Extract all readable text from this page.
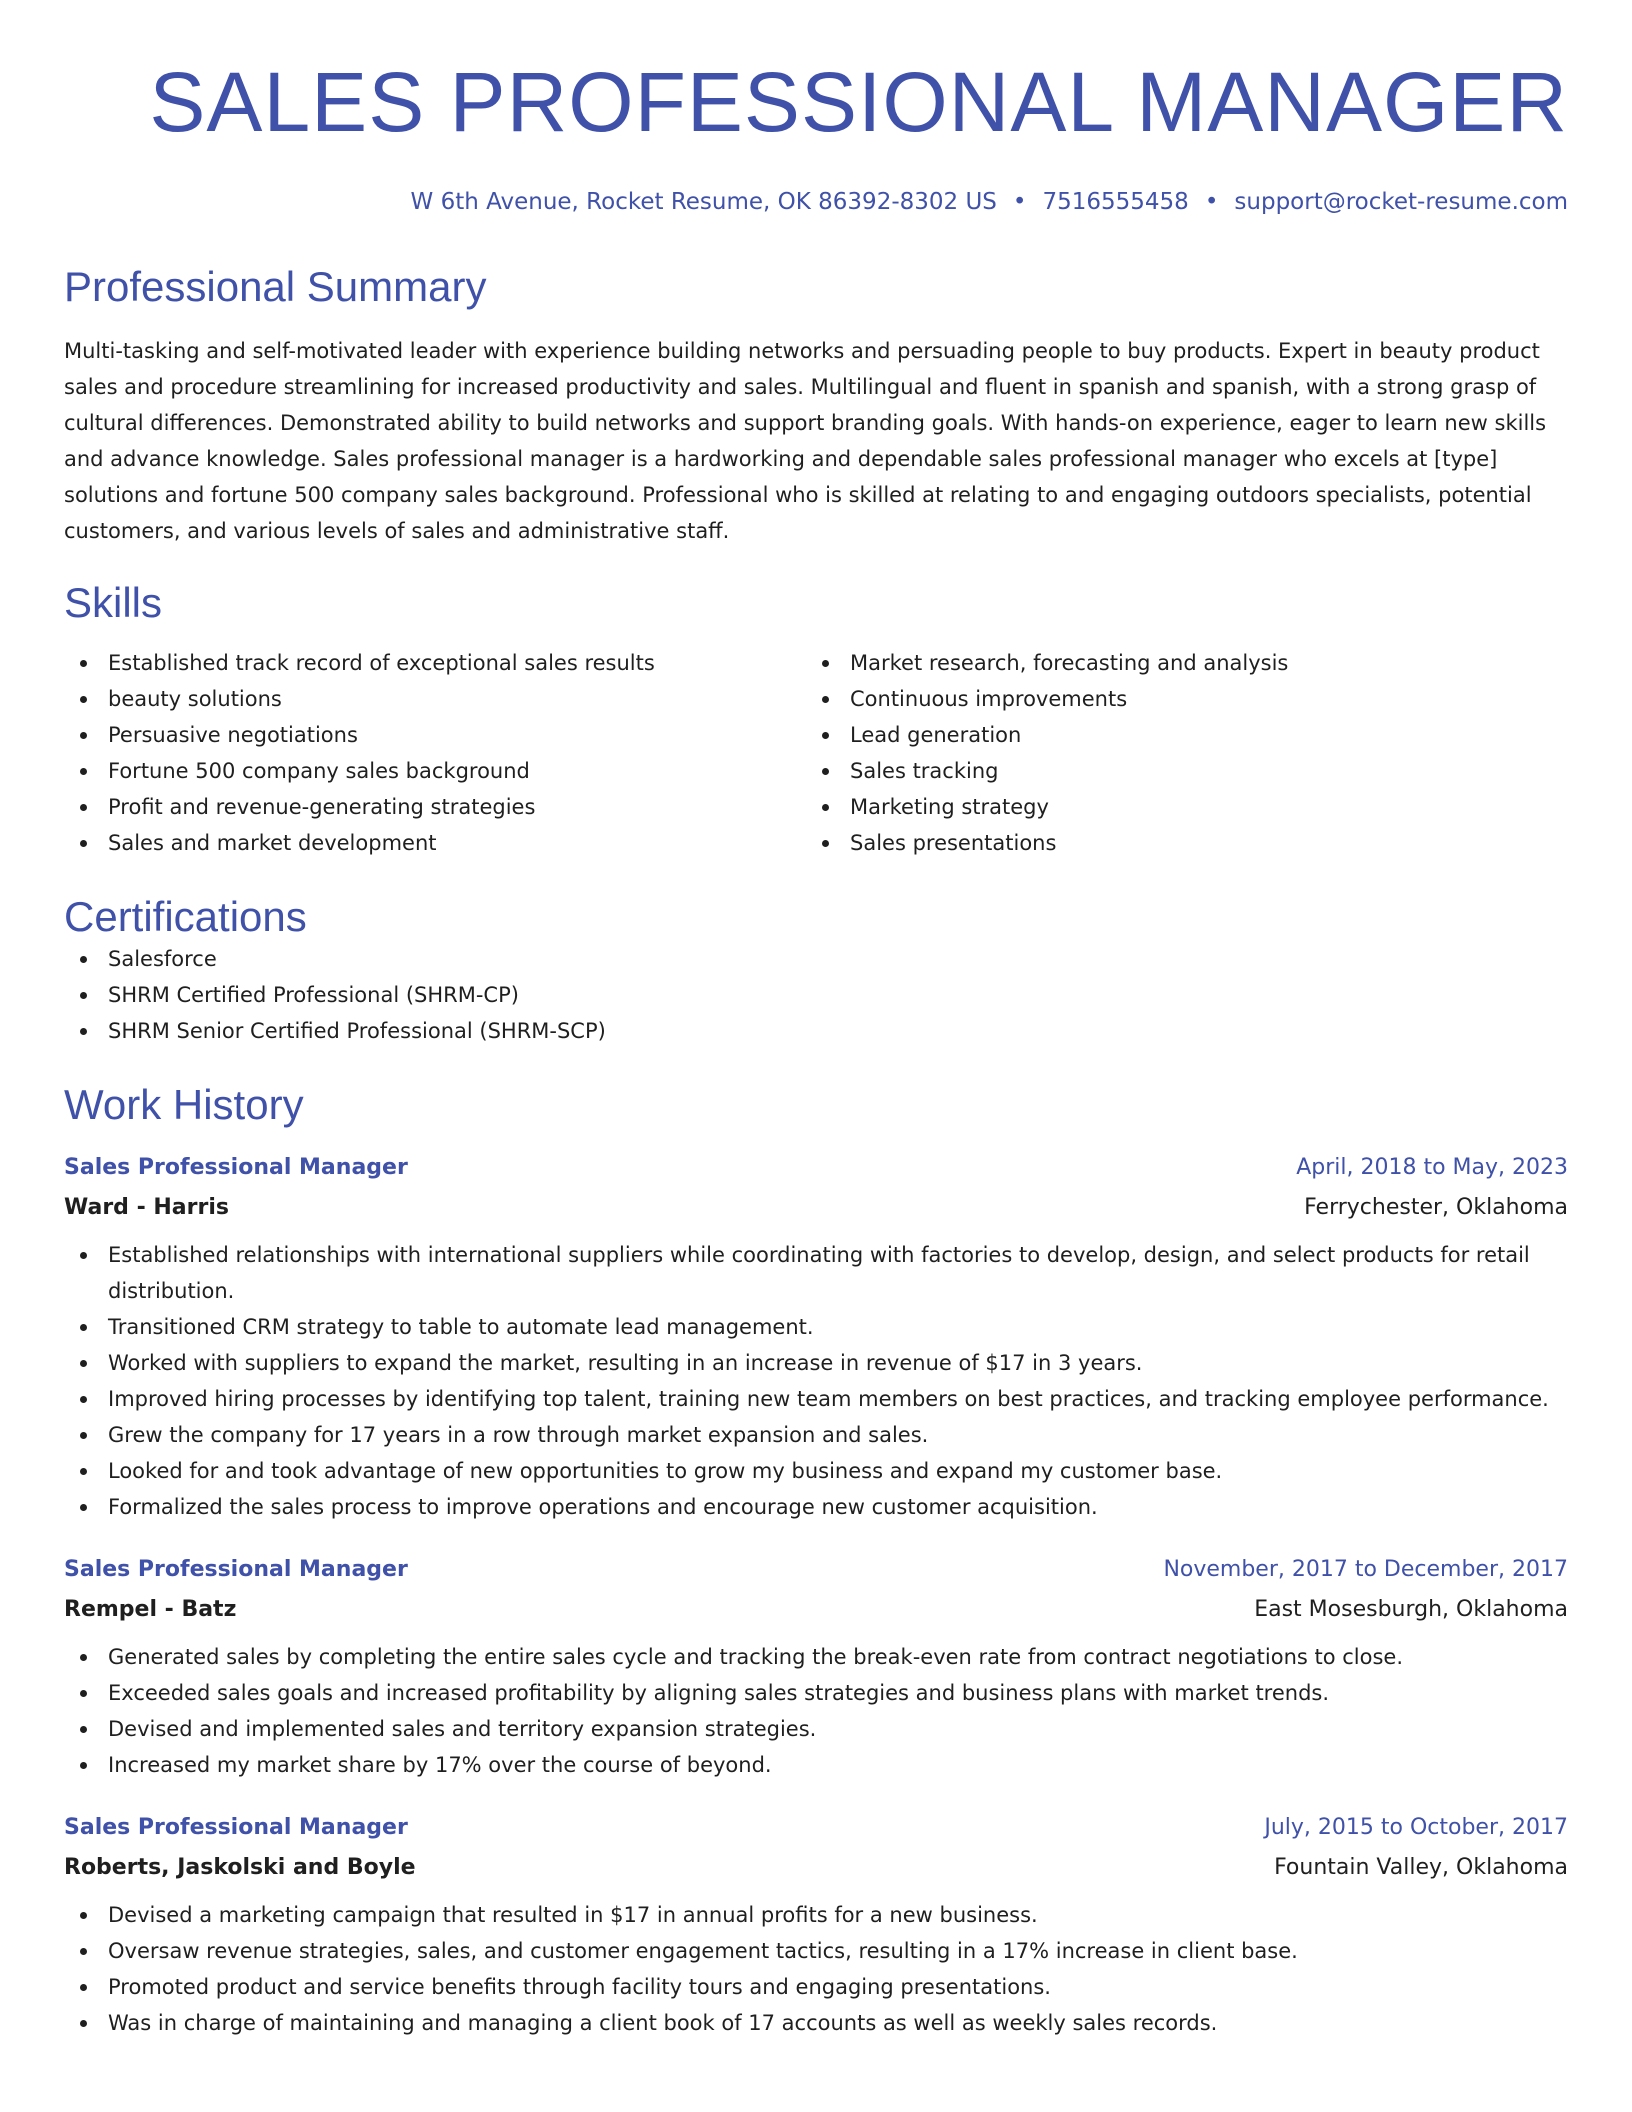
SALES PROFESSIONAL MANAGER
W 6th Avenue, Rocket Resume, OK 86392-8302 US • 7516555458 • support@rocket-resume.com
Professional Summary

Multi-tasking and self-motivated leader with experience building networks and persuading people to buy products. Expert in beauty product sales and procedure streamlining for increased productivity and sales. Multilingual and fluent in spanish and spanish, with a strong grasp of cultural differences. Demonstrated ability to build networks and support branding goals. With hands-on experience, eager to learn new skills and advance knowledge. Sales professional manager is a hardworking and dependable sales professional manager who excels at [type] solutions and fortune 500 company sales background. Professional who is skilled at relating to and engaging outdoors specialists, potential customers, and various levels of sales and administrative staff.

Skills
Established track record of exceptional sales results
beauty solutions
Persuasive negotiations
Fortune 500 company sales background
Profit and revenue-generating strategies
Sales and market development
Market research, forecasting and analysis
Continuous improvements
Lead generation
Sales tracking
Marketing strategy
Sales presentations
Certifications
Salesforce
SHRM Certified Professional (SHRM-CP)
SHRM Senior Certified Professional (SHRM-SCP)
Work History
Sales Professional Manager	April, 2018 to May, 2023
Ward - Harris	Ferrychester, Oklahoma
Established relationships with international suppliers while coordinating with factories to develop, design, and select products for retail distribution.
Transitioned CRM strategy to table to automate lead management.
Worked with suppliers to expand the market, resulting in an increase in revenue of $17 in 3 years.
Improved hiring processes by identifying top talent, training new team members on best practices, and tracking employee performance.
Grew the company for 17 years in a row through market expansion and sales.
Looked for and took advantage of new opportunities to grow my business and expand my customer base.
Formalized the sales process to improve operations and encourage new customer acquisition.
Sales Professional Manager	November, 2017 to December, 2017
Rempel - Batz	East Mosesburgh, Oklahoma
Generated sales by completing the entire sales cycle and tracking the break-even rate from contract negotiations to close.
Exceeded sales goals and increased profitability by aligning sales strategies and business plans with market trends.
Devised and implemented sales and territory expansion strategies.
Increased my market share by 17% over the course of beyond.
Sales Professional Manager	July, 2015 to October, 2017
Roberts, Jaskolski and Boyle	Fountain Valley, Oklahoma
Devised a marketing campaign that resulted in $17 in annual profits for a new business.
Oversaw revenue strategies, sales, and customer engagement tactics, resulting in a 17% increase in client base.
Promoted product and service benefits through facility tours and engaging presentations.
Was in charge of maintaining and managing a client book of 17 accounts as well as weekly sales records.
